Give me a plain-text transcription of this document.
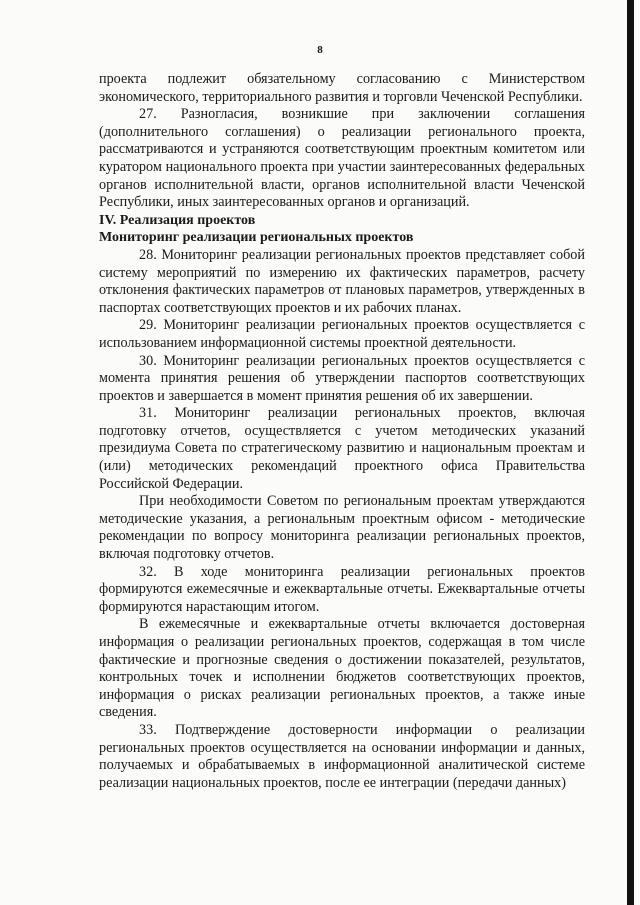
8

проекта подлежит обязательному согласованию с Министерством экономического, территориального развития и торговли Чеченской Республики.

27. Разногласия, возникшие при заключении соглашения (дополнительного соглашения) о реализации регионального проекта, рассматриваются и устраняются соответствующим проектным комитетом или куратором национального проекта при участии заинтересованных федеральных органов исполнительной власти, органов исполнительной власти Чеченской Республики, иных заинтересованных органов и организаций.

IV. Реализация проектов

Мониторинг реализации региональных проектов

28. Мониторинг реализации региональных проектов представляет собой систему мероприятий по измерению их фактических параметров, расчету отклонения фактических параметров от плановых параметров, утвержденных в паспортах соответствующих проектов и их рабочих планах.

29. Мониторинг реализации региональных проектов осуществляется с использованием информационной системы проектной деятельности.

30. Мониторинг реализации региональных проектов осуществляется с момента принятия решения об утверждении паспортов соответствующих проектов и завершается в момент принятия решения об их завершении.

31. Мониторинг реализации региональных проектов, включая подготовку отчетов, осуществляется с учетом методических указаний президиума Совета по стратегическому развитию и национальным проектам и (или) методических рекомендаций проектного офиса Правительства Российской Федерации.

При необходимости Советом по региональным проектам утверждаются методические указания, а региональным проектным офисом - методические рекомендации по вопросу мониторинга реализации региональных проектов, включая подготовку отчетов.

32. В ходе мониторинга реализации региональных проектов формируются ежемесячные и ежеквартальные отчеты. Ежеквартальные отчеты формируются нарастающим итогом.

В ежемесячные и ежеквартальные отчеты включается достоверная информация о реализации региональных проектов, содержащая в том числе фактические и прогнозные сведения о достижении показателей, результатов, контрольных точек и исполнении бюджетов соответствующих проектов, информация о рисках реализации региональных проектов, а также иные сведения.

33. Подтверждение достоверности информации о реализации региональных проектов осуществляется на основании информации и данных, получаемых и обрабатываемых в информационной аналитической системе реализации национальных проектов, после ее интеграции (передачи данных)
